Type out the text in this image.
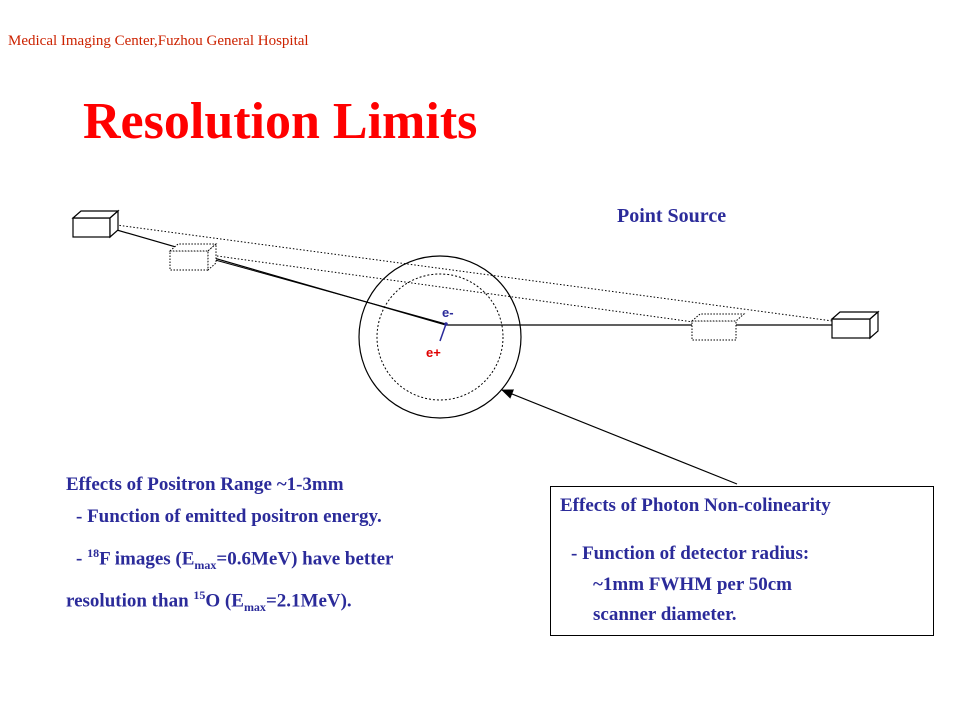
Medical Imaging Center,Fuzhou General Hospital
Resolution Limits
Point Source
e-
e+

Effects of Positron Range ~1-3mm

- Function of emitted positron energy.

- $^{18}$F images $(E_{max}=0.6MeV)$ have better
resolution than $^{15}$O $(E_{max}=2.1MeV)$.

Effects of Photon Non-colinearity
- Function of detector radius:
~1mm FWHM per 50cm
scanner diameter.
